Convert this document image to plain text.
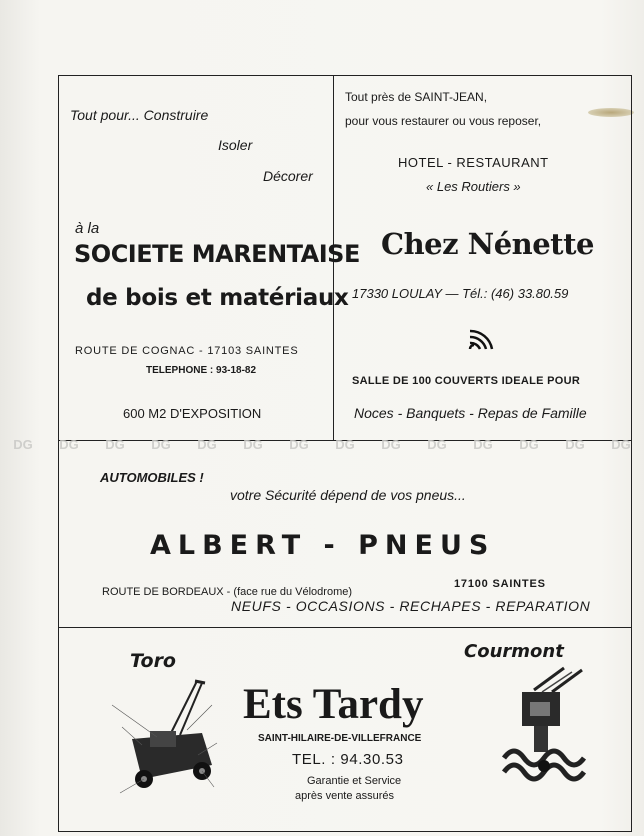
Tout pour... Construire
Isoler
Décorer
à la
SOCIETE MARENTAISE
de bois et matériaux
ROUTE DE COGNAC - 17103 SAINTES
TELEPHONE : 93-18-82
600 M2 D'EXPOSITION
Tout près de SAINT-JEAN,
pour vous restaurer ou vous reposer,
HOTEL - RESTAURANT
« Les Routiers »
Chez Nénette
17330 LOULAY — Tél.: (46) 33.80.59
SALLE DE 100 COUVERTS IDEALE POUR
Noces - Banquets - Repas de Famille
DG DG DG DG DG DG DG DG DG DG DG DG DG DG
AUTOMOBILES !
votre Sécurité dépend de vos pneus...
ALBERT - PNEUS
ROUTE DE BORDEAUX - (face rue du Vélodrome)
17100 SAINTES
NEUFS - OCCASIONS - RECHAPES - REPARATION
Toro	Courmont
Ets Tardy
SAINT-HILAIRE-DE-VILLEFRANCE
TEL. : 94.30.53
Garantie et Service
après vente assurés
